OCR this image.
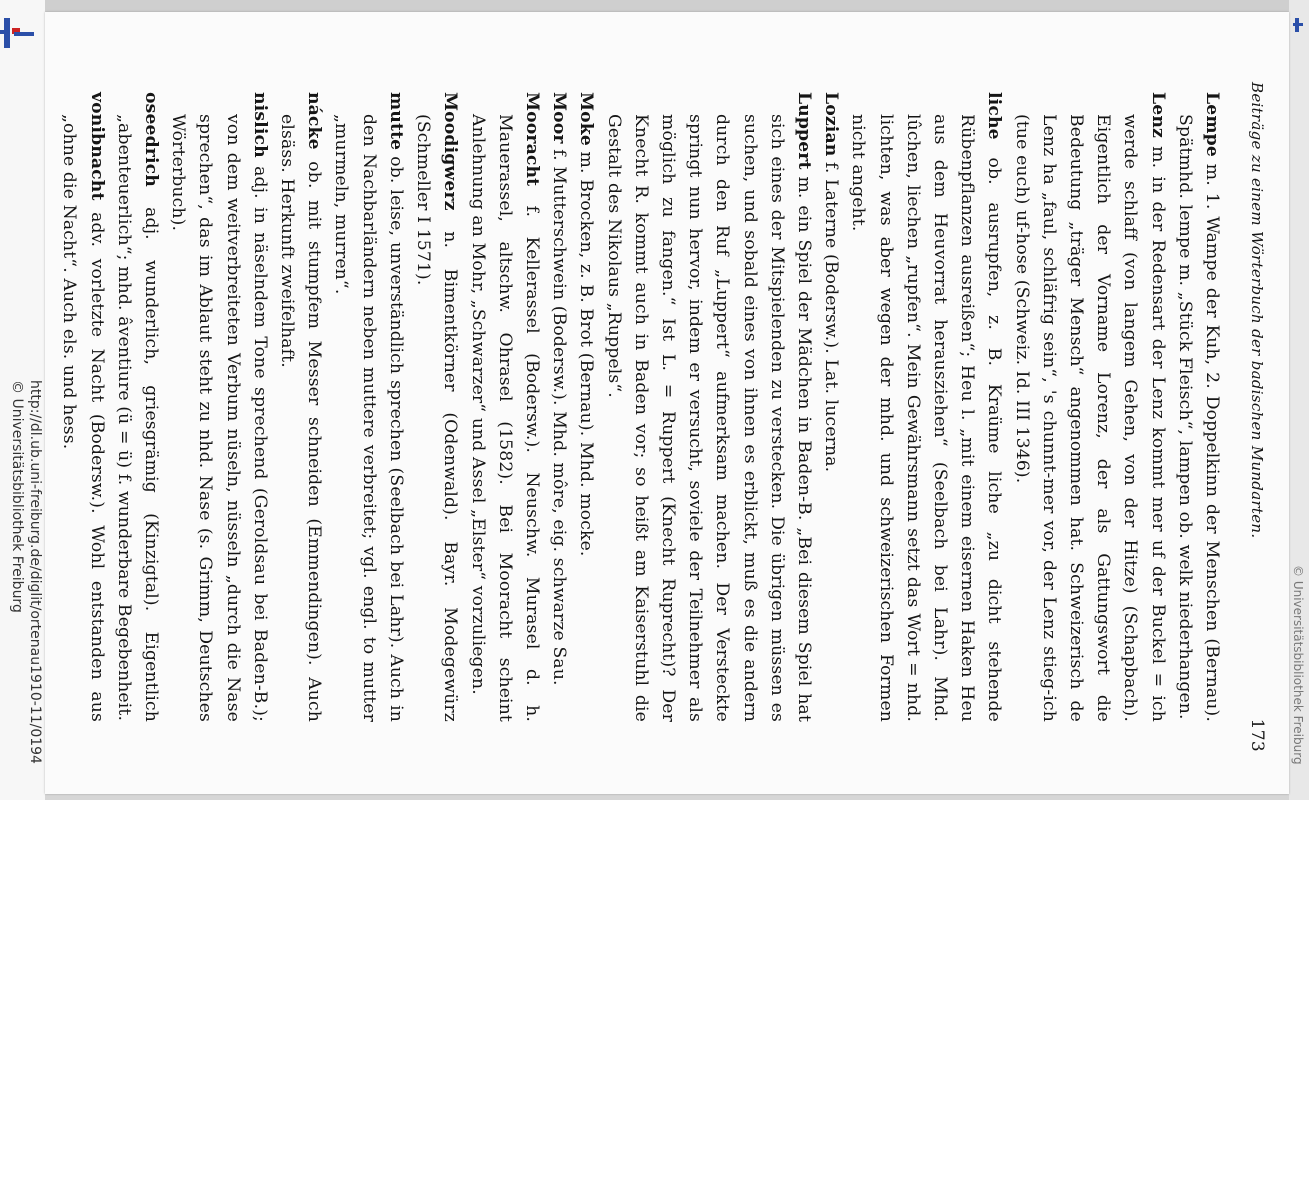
http://dl.ub.uni-freiburg.de/diglit/ortenau1910-11/0194
© Universitätsbibliothek Freiburg
© Universitätsbibliothek Freiburg
Beiträge zu einem Wörterbuch der badischen Mundarten.
173

Lempe m. 1. Wampe der Kuh, 2. Doppelkinn der Menschen (Bernau). Spätmhd. lempe m. „Stück Fleisch“, lampen ob. welk niederhangen.

Lenz m. in der Redensart der Lenz kommt mer uf der Buckel = ich werde schlaff (von langem Gehen, von der Hitze) (Schapbach). Eigentlich der Vorname Lorenz, der als Gattungswort die Bedeutung „träger Mensch“ angenommen hat. Schweizerisch de Lenz ha „faul, schläfrig sein“, 's chunnt-mer vor, der Lenz stieg-ich (tue euch) uf-hose (Schweiz. Id. III 1346).

liche ob. ausrupfen, z. B. Kraüme liche „zu dicht stehende Rübenpflanzen ausreißen“; Heu l. „mit einem eisernen Haken Heu aus dem Heuvorrat herausziehen“ (Seelbach bei Lahr). Mhd. lûchen, liechen „rupfen“. Mein Gewährsmann setzt das Wort = nhd. lichten, was aber wegen der mhd. und schweizerischen Formen nicht angeht.

Lozian f. Laterne (Bodersw.). Lat. lucerna.

Luppert m. ein Spiel der Mädchen in Baden-B. „Bei diesem Spiel hat sich eines der Mitspielenden zu verstecken. Die übrigen müssen es suchen, und sobald eines von ihnen es erblickt, muß es die andern durch den Ruf „Luppert“ aufmerksam machen. Der Versteckte springt nun hervor, indem er versucht, soviele der Teilnehmer als möglich zu fangen.“ Ist L. = Ruppert (Knecht Ruprecht)? Der Knecht R. kommt auch in Baden vor; so heißt am Kaiserstuhl die Gestalt des Nikolaus „Ruppels“.

Moke m. Brocken, z. B. Brot (Bernau). Mhd. mocke.

Moor f. Mutterschwein (Bodersw.). Mhd. môre, eig. schwarze Sau.

Mooracht f. Kellerassel (Bodersw.). Neuschw. Murasel d. h. Mauerassel, altschw. Ohrasel (1582). Bei Mooracht scheint Anlehnung an Mohr, „Schwarzer“ und Assel „Elster“ vorzuliegen.

Moodigwerz n. Bimentkörner (Odenwald). Bayr. Modegewürz (Schmeller I 1571).

mutte ob. leise, unverständlich sprechen (Seelbach bei Lahr). Auch in den Nachbarländern neben muttere verbreitet; vgl. engl. to mutter „murmeln, murren“.

nácke ob. mit stumpfem Messer schneiden (Emmendingen). Auch elsäss. Herkunft zweifelhaft.

nislich adj. in näselndem Tone sprechend (Geroldsau bei Baden-B.); von dem weitverbreiteten Verbum nüseln, nüsseln „durch die Nase sprechen“, das im Ablaut steht zu nhd. Nase (s. Grimm, Deutsches Wörterbuch).

oseedrich adj. wunderlich, griesgrämig (Kinzigtal). Eigentlich „abenteuerlich“; mhd. âventiure (ü = ü) f. wunderbare Begebenheit.

vonibnacht adv. vorletzte Nacht (Bodersw.). Wohl entstanden aus „ohne die Nacht“. Auch els. und hess.
